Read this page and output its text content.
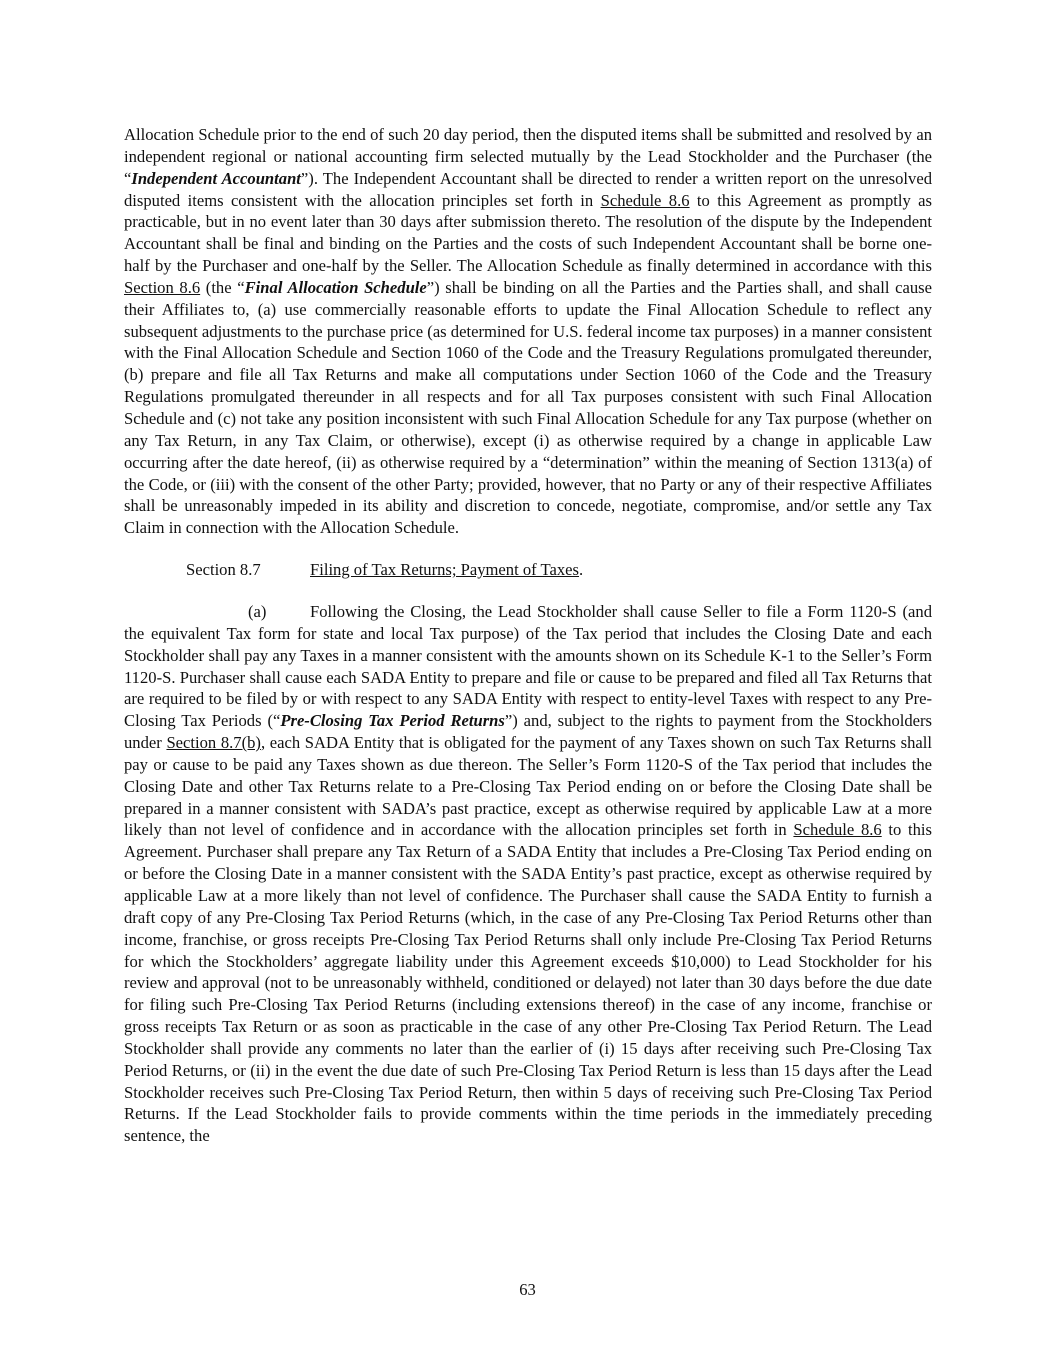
Allocation Schedule prior to the end of such 20 day period, then the disputed items shall be submitted and resolved by an independent regional or national accounting firm selected mutually by the Lead Stockholder and the Purchaser (the “Independent Accountant”). The Independent Accountant shall be directed to render a written report on the unresolved disputed items consistent with the allocation principles set forth in Schedule 8.6 to this Agreement as promptly as practicable, but in no event later than 30 days after submission thereto. The resolution of the dispute by the Independent Accountant shall be final and binding on the Parties and the costs of such Independent Accountant shall be borne one-half by the Purchaser and one-half by the Seller. The Allocation Schedule as finally determined in accordance with this Section 8.6 (the “Final Allocation Schedule”) shall be binding on all the Parties and the Parties shall, and shall cause their Affiliates to, (a) use commercially reasonable efforts to update the Final Allocation Schedule to reflect any subsequent adjustments to the purchase price (as determined for U.S. federal income tax purposes) in a manner consistent with the Final Allocation Schedule and Section 1060 of the Code and the Treasury Regulations promulgated thereunder, (b) prepare and file all Tax Returns and make all computations under Section 1060 of the Code and the Treasury Regulations promulgated thereunder in all respects and for all Tax purposes consistent with such Final Allocation Schedule and (c) not take any position inconsistent with such Final Allocation Schedule for any Tax purpose (whether on any Tax Return, in any Tax Claim, or otherwise), except (i) as otherwise required by a change in applicable Law occurring after the date hereof, (ii) as otherwise required by a “determination” within the meaning of Section 1313(a) of the Code, or (iii) with the consent of the other Party; provided, however, that no Party or any of their respective Affiliates shall be unreasonably impeded in its ability and discretion to concede, negotiate, compromise, and/or settle any Tax Claim in connection with the Allocation Schedule.

Section 8.7	Filing of Tax Returns; Payment of Taxes.

(a)	Following the Closing, the Lead Stockholder shall cause Seller to file a Form 1120-S (and the equivalent Tax form for state and local Tax purpose) of the Tax period that includes the Closing Date and each Stockholder shall pay any Taxes in a manner consistent with the amounts shown on its Schedule K-1 to the Seller’s Form 1120-S. Purchaser shall cause each SADA Entity to prepare and file or cause to be prepared and filed all Tax Returns that are required to be filed by or with respect to any SADA Entity with respect to entity-level Taxes with respect to any Pre-Closing Tax Periods (“Pre-Closing Tax Period Returns”) and, subject to the rights to payment from the Stockholders under Section 8.7(b), each SADA Entity that is obligated for the payment of any Taxes shown on such Tax Returns shall pay or cause to be paid any Taxes shown as due thereon. The Seller’s Form 1120-S of the Tax period that includes the Closing Date and other Tax Returns relate to a Pre-Closing Tax Period ending on or before the Closing Date shall be prepared in a manner consistent with SADA’s past practice, except as otherwise required by applicable Law at a more likely than not level of confidence and in accordance with the allocation principles set forth in Schedule 8.6 to this Agreement. Purchaser shall prepare any Tax Return of a SADA Entity that includes a Pre-Closing Tax Period ending on or before the Closing Date in a manner consistent with the SADA Entity’s past practice, except as otherwise required by applicable Law at a more likely than not level of confidence. The Purchaser shall cause the SADA Entity to furnish a draft copy of any Pre-Closing Tax Period Returns (which, in the case of any Pre-Closing Tax Period Returns other than income, franchise, or gross receipts Pre-Closing Tax Period Returns shall only include Pre-Closing Tax Period Returns for which the Stockholders’ aggregate liability under this Agreement exceeds $10,000) to Lead Stockholder for his review and approval (not to be unreasonably withheld, conditioned or delayed) not later than 30 days before the due date for filing such Pre-Closing Tax Period Returns (including extensions thereof) in the case of any income, franchise or gross receipts Tax Return or as soon as practicable in the case of any other Pre-Closing Tax Period Return. The Lead Stockholder shall provide any comments no later than the earlier of (i) 15 days after receiving such Pre-Closing Tax Period Returns, or (ii) in the event the due date of such Pre-Closing Tax Period Return is less than 15 days after the Lead Stockholder receives such Pre-Closing Tax Period Return, then within 5 days of receiving such Pre-Closing Tax Period Returns. If the Lead Stockholder fails to provide comments within the time periods in the immediately preceding sentence, the

63
